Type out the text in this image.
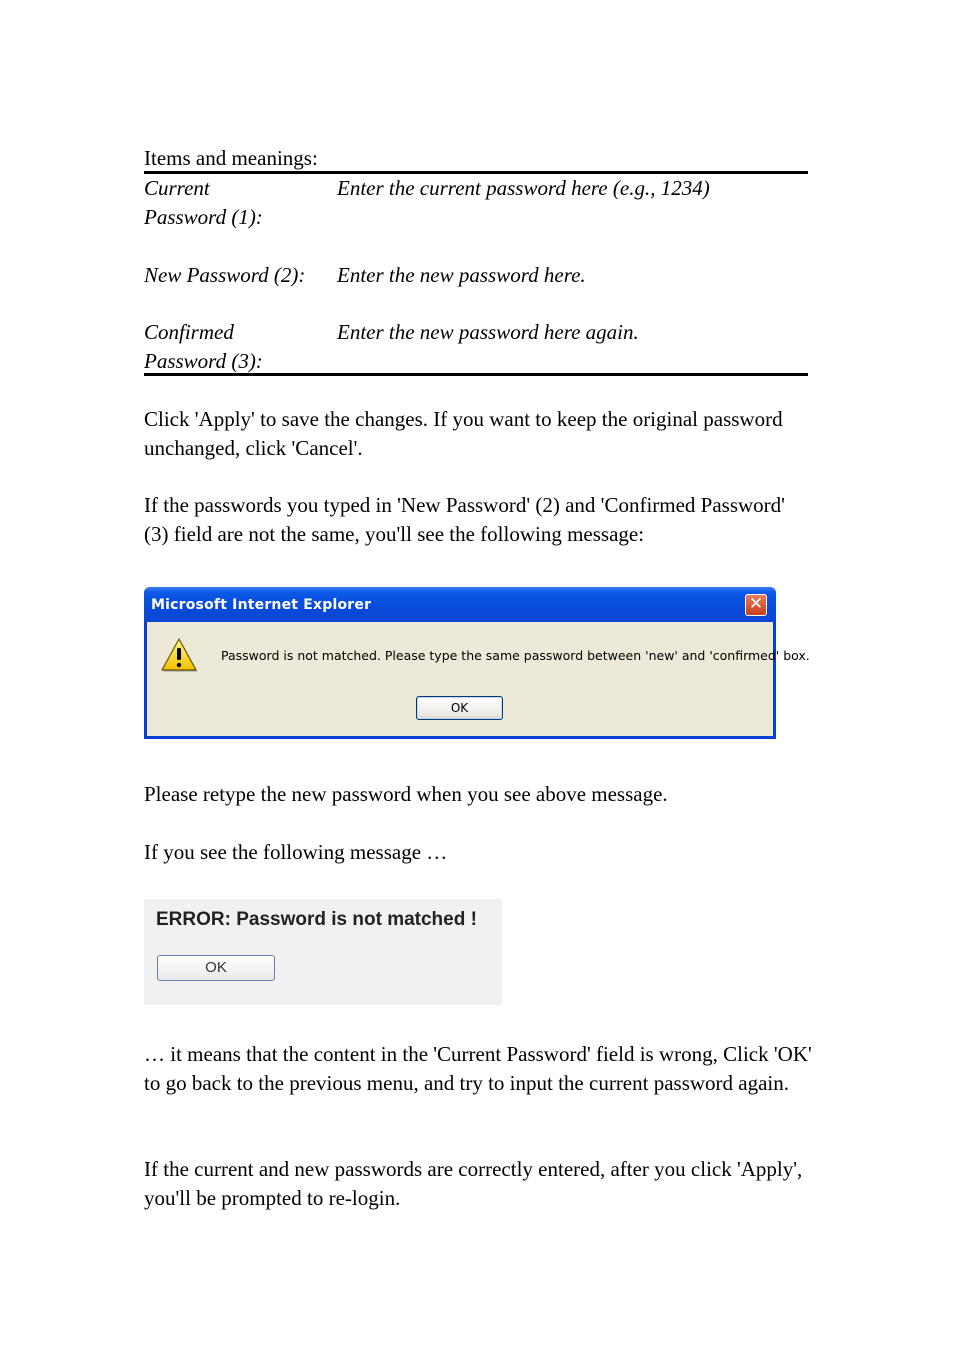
Items and meanings:

Current
Password (1):
Enter the current password here (e.g., 1234)
New Password (2):	Enter the new password here.
Confirmed
Password (3):
Enter the new password here again.

Click 'Apply' to save the changes. If you want to keep the original password unchanged, click 'Cancel'.

If the passwords you typed in 'New Password' (2) and 'Confirmed Password' (3) field are not the same, you'll see the following message:

Microsoft Internet Explorer	✕
Password is not matched. Please type the same password between 'new' and 'confirmed' box.
OK

Please retype the new password when you see above message.

If you see the following message …

ERROR: Password is not matched !
OK

… it means that the content in the 'Current Password' field is wrong, Click 'OK' to go back to the previous menu, and try to input the current password again.

If the current and new passwords are correctly entered, after you click 'Apply', you'll be prompted to re-login.
